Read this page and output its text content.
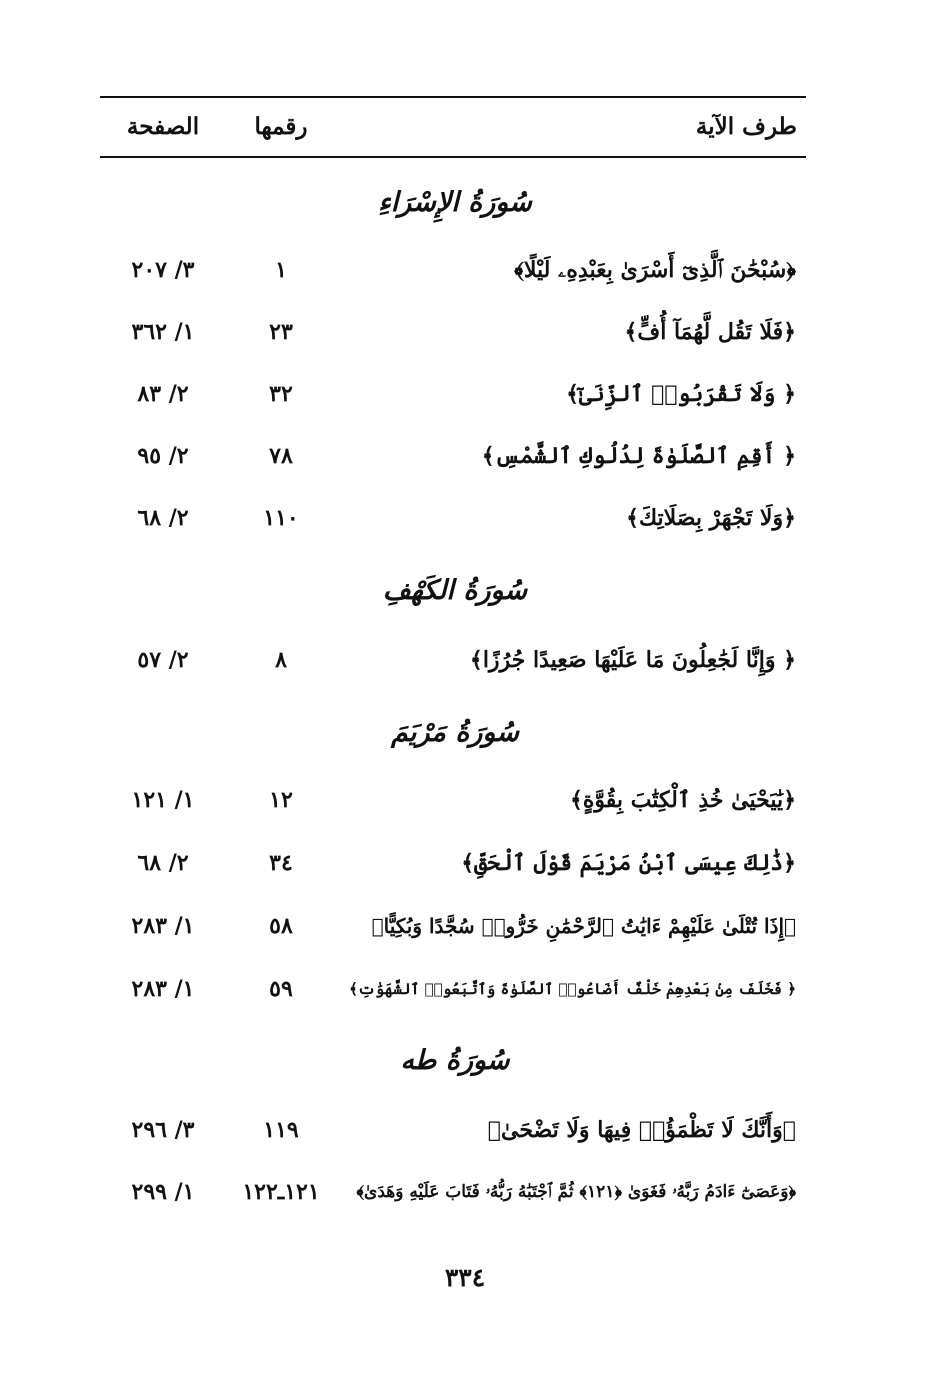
طرف الآية
رقمها
الصفحة
سُورَةُ الإِسْرَاءِ
﴿سُبْحَٰنَ ٱلَّذِىٓ أَسْرَىٰ بِعَبْدِهِۦ لَيْلًا﴾
١
٣/ ٢٠٧
﴿فَلَا تَقُل لَّهُمَآ أُفٍّ﴾
٢٣
١/ ٣٦٢
﴿ وَلَا تَقْرَبُوا۟ ٱلزِّنَىٰٓ﴾
٣٢
٢/ ٨٣
﴿ أَقِمِ ٱلصَّلَوٰةَ لِدُلُوكِ ٱلشَّمْسِ﴾
٧٨
٢/ ٩٥
﴿وَلَا تَجْهَرْ بِصَلَاتِكَ﴾
١١٠
٢/ ٦٨
سُورَةُ الكَهْفِ
﴿ وَإِنَّا لَجَٰعِلُونَ مَا عَلَيْهَا صَعِيدًا جُرُزًا﴾
٨
٢/ ٥٧
سُورَةُ مَرْيَمَ
﴿يَٰيَحْيَىٰ خُذِ ٱلْكِتَٰبَ بِقُوَّةٍ﴾
١٢
١/ ١٢١
﴿ذَٰلِكَ عِيسَى ٱبْنُ مَرْيَمَ قَوْلَ ٱلْحَقِّ﴾
٣٤
٢/ ٦٨
﴿إِذَا تُتْلَىٰ عَلَيْهِمْ ءَايَٰتُ ٱلرَّحْمَٰنِ خَرُّوا۟ سُجَّدًا وَبُكِيًّا﴾
٥٨
١/ ٢٨٣
﴿ فَخَلَفَ مِنۢ بَعْدِهِمْ خَلْفٌ أَضَاعُوا۟ ٱلصَّلَوٰةَ وَٱتَّبَعُوا۟ ٱلشَّهَوَٰتِ﴾
٥٩
١/ ٢٨٣
سُورَةُ طه
﴿وَأَنَّكَ لَا تَظْمَؤُا۟ فِيهَا وَلَا تَضْحَىٰ﴾
١١٩
٣/ ٢٩٦
﴿وَعَصَىٰٓ ءَادَمُ رَبَّهُۥ فَغَوَىٰ ﴿١٢١﴾ ثُمَّ ٱجْتَبَٰهُ رَبُّهُۥ فَتَابَ عَلَيْهِ وَهَدَىٰ﴾
١٢١ـ١٢٢
١/ ٢٩٩
٣٣٤
